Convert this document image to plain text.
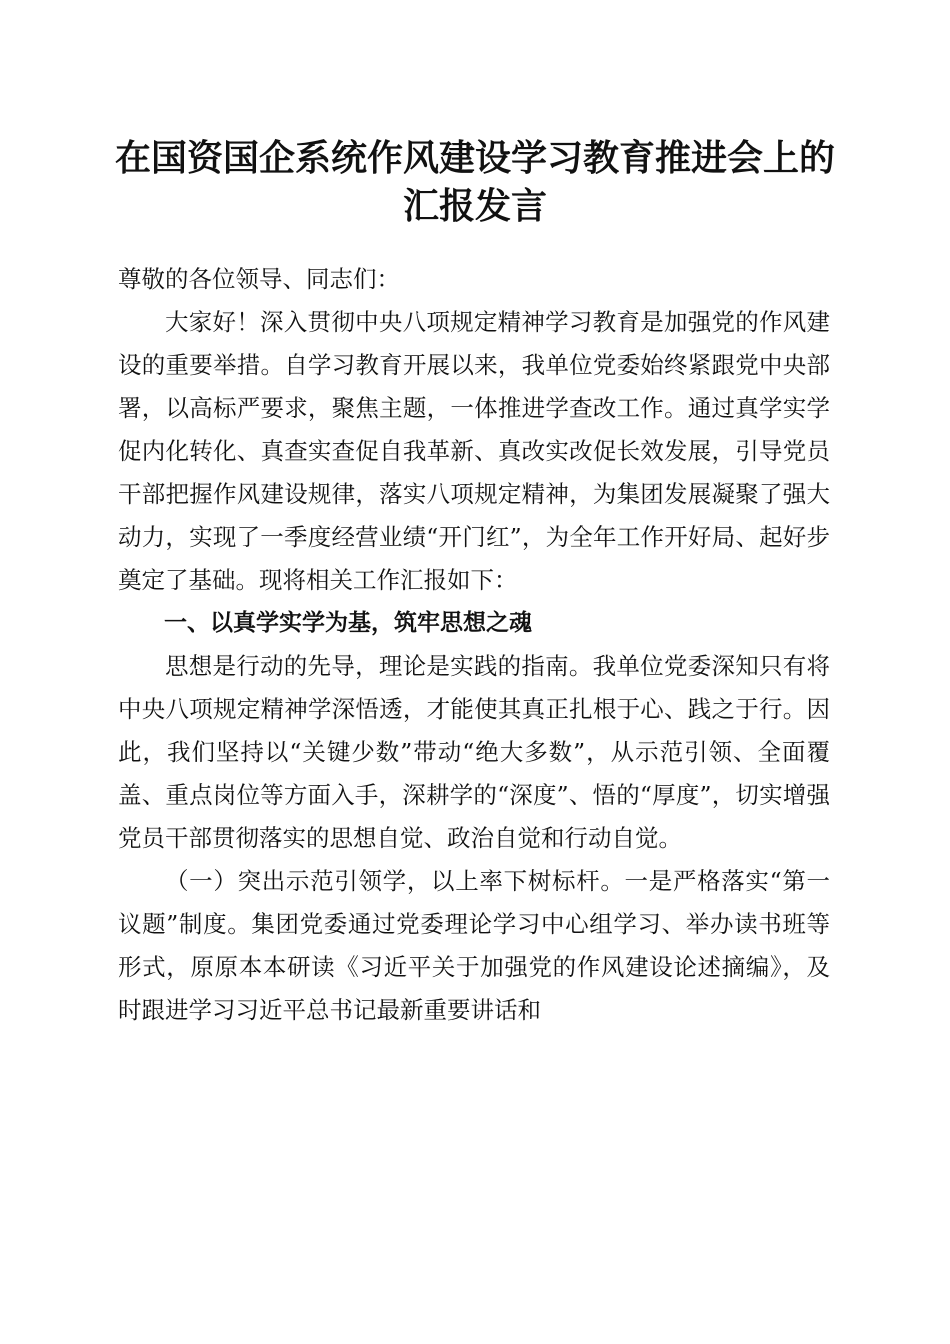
在国资国企系统作风建设学习教育推进会上的汇报发言

尊敬的各位领导、同志们：

大家好！深入贯彻中央八项规定精神学习教育是加强党的作风建设的重要举措。自学习教育开展以来，我单位党委始终紧跟党中央部署，以高标严要求，聚焦主题，一体推进学查改工作。通过真学实学促内化转化、真查实查促自我革新、真改实改促长效发展，引导党员干部把握作风建设规律，落实八项规定精神，为集团发展凝聚了强大动力，实现了一季度经营业绩“开门红”，为全年工作开好局、起好步奠定了基础。现将相关工作汇报如下：

一、以真学实学为基，筑牢思想之魂

思想是行动的先导，理论是实践的指南。我单位党委深知只有将中央八项规定精神学深悟透，才能使其真正扎根于心、践之于行。因此，我们坚持以“关键少数”带动“绝大多数”，从示范引领、全面覆盖、重点岗位等方面入手，深耕学的“深度”、悟的“厚度”，切实增强党员干部贯彻落实的思想自觉、政治自觉和行动自觉。

（一）突出示范引领学，以上率下树标杆。一是严格落实“第一议题”制度。集团党委通过党委理论学习中心组学习、举办读书班等形式，原原本本研读《习近平关于加强党的作风建设论述摘编》，及时跟进学习习近平总书记最新重要讲话和
